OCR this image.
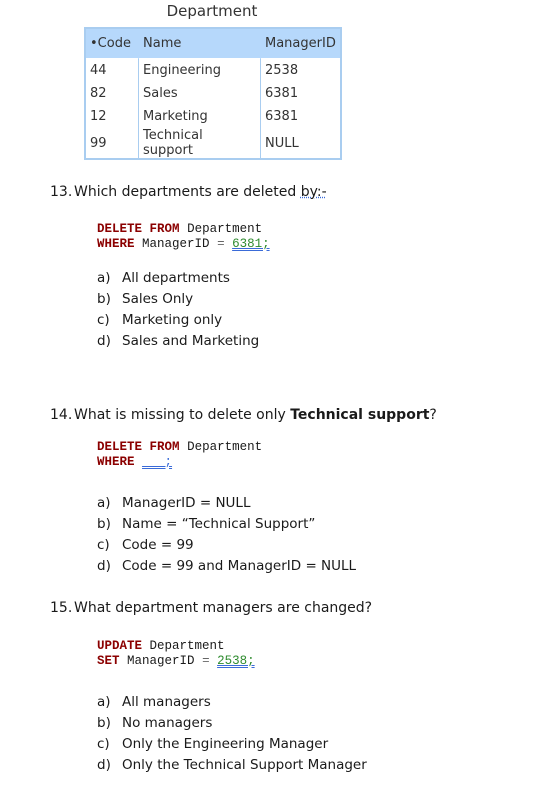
Department
•Code	Name	ManagerID
44	Engineering	2538
82	Sales	6381
12	Marketing	6381
99	Technical support	NULL
13. Which departments are deleted by:-
DELETE FROM Department
WHERE ManagerID = 6381;
a) All departments
b) Sales Only
c) Marketing only
d) Sales and Marketing
14. What is missing to delete only Technical support?
DELETE FROM Department
WHERE ___;
a) ManagerID = NULL
b) Name = “Technical Support”
c) Code = 99
d) Code = 99 and ManagerID = NULL
15. What department managers are changed?
UPDATE Department
SET ManagerID = 2538;
a) All managers
b) No managers
c) Only the Engineering Manager
d) Only the Technical Support Manager
